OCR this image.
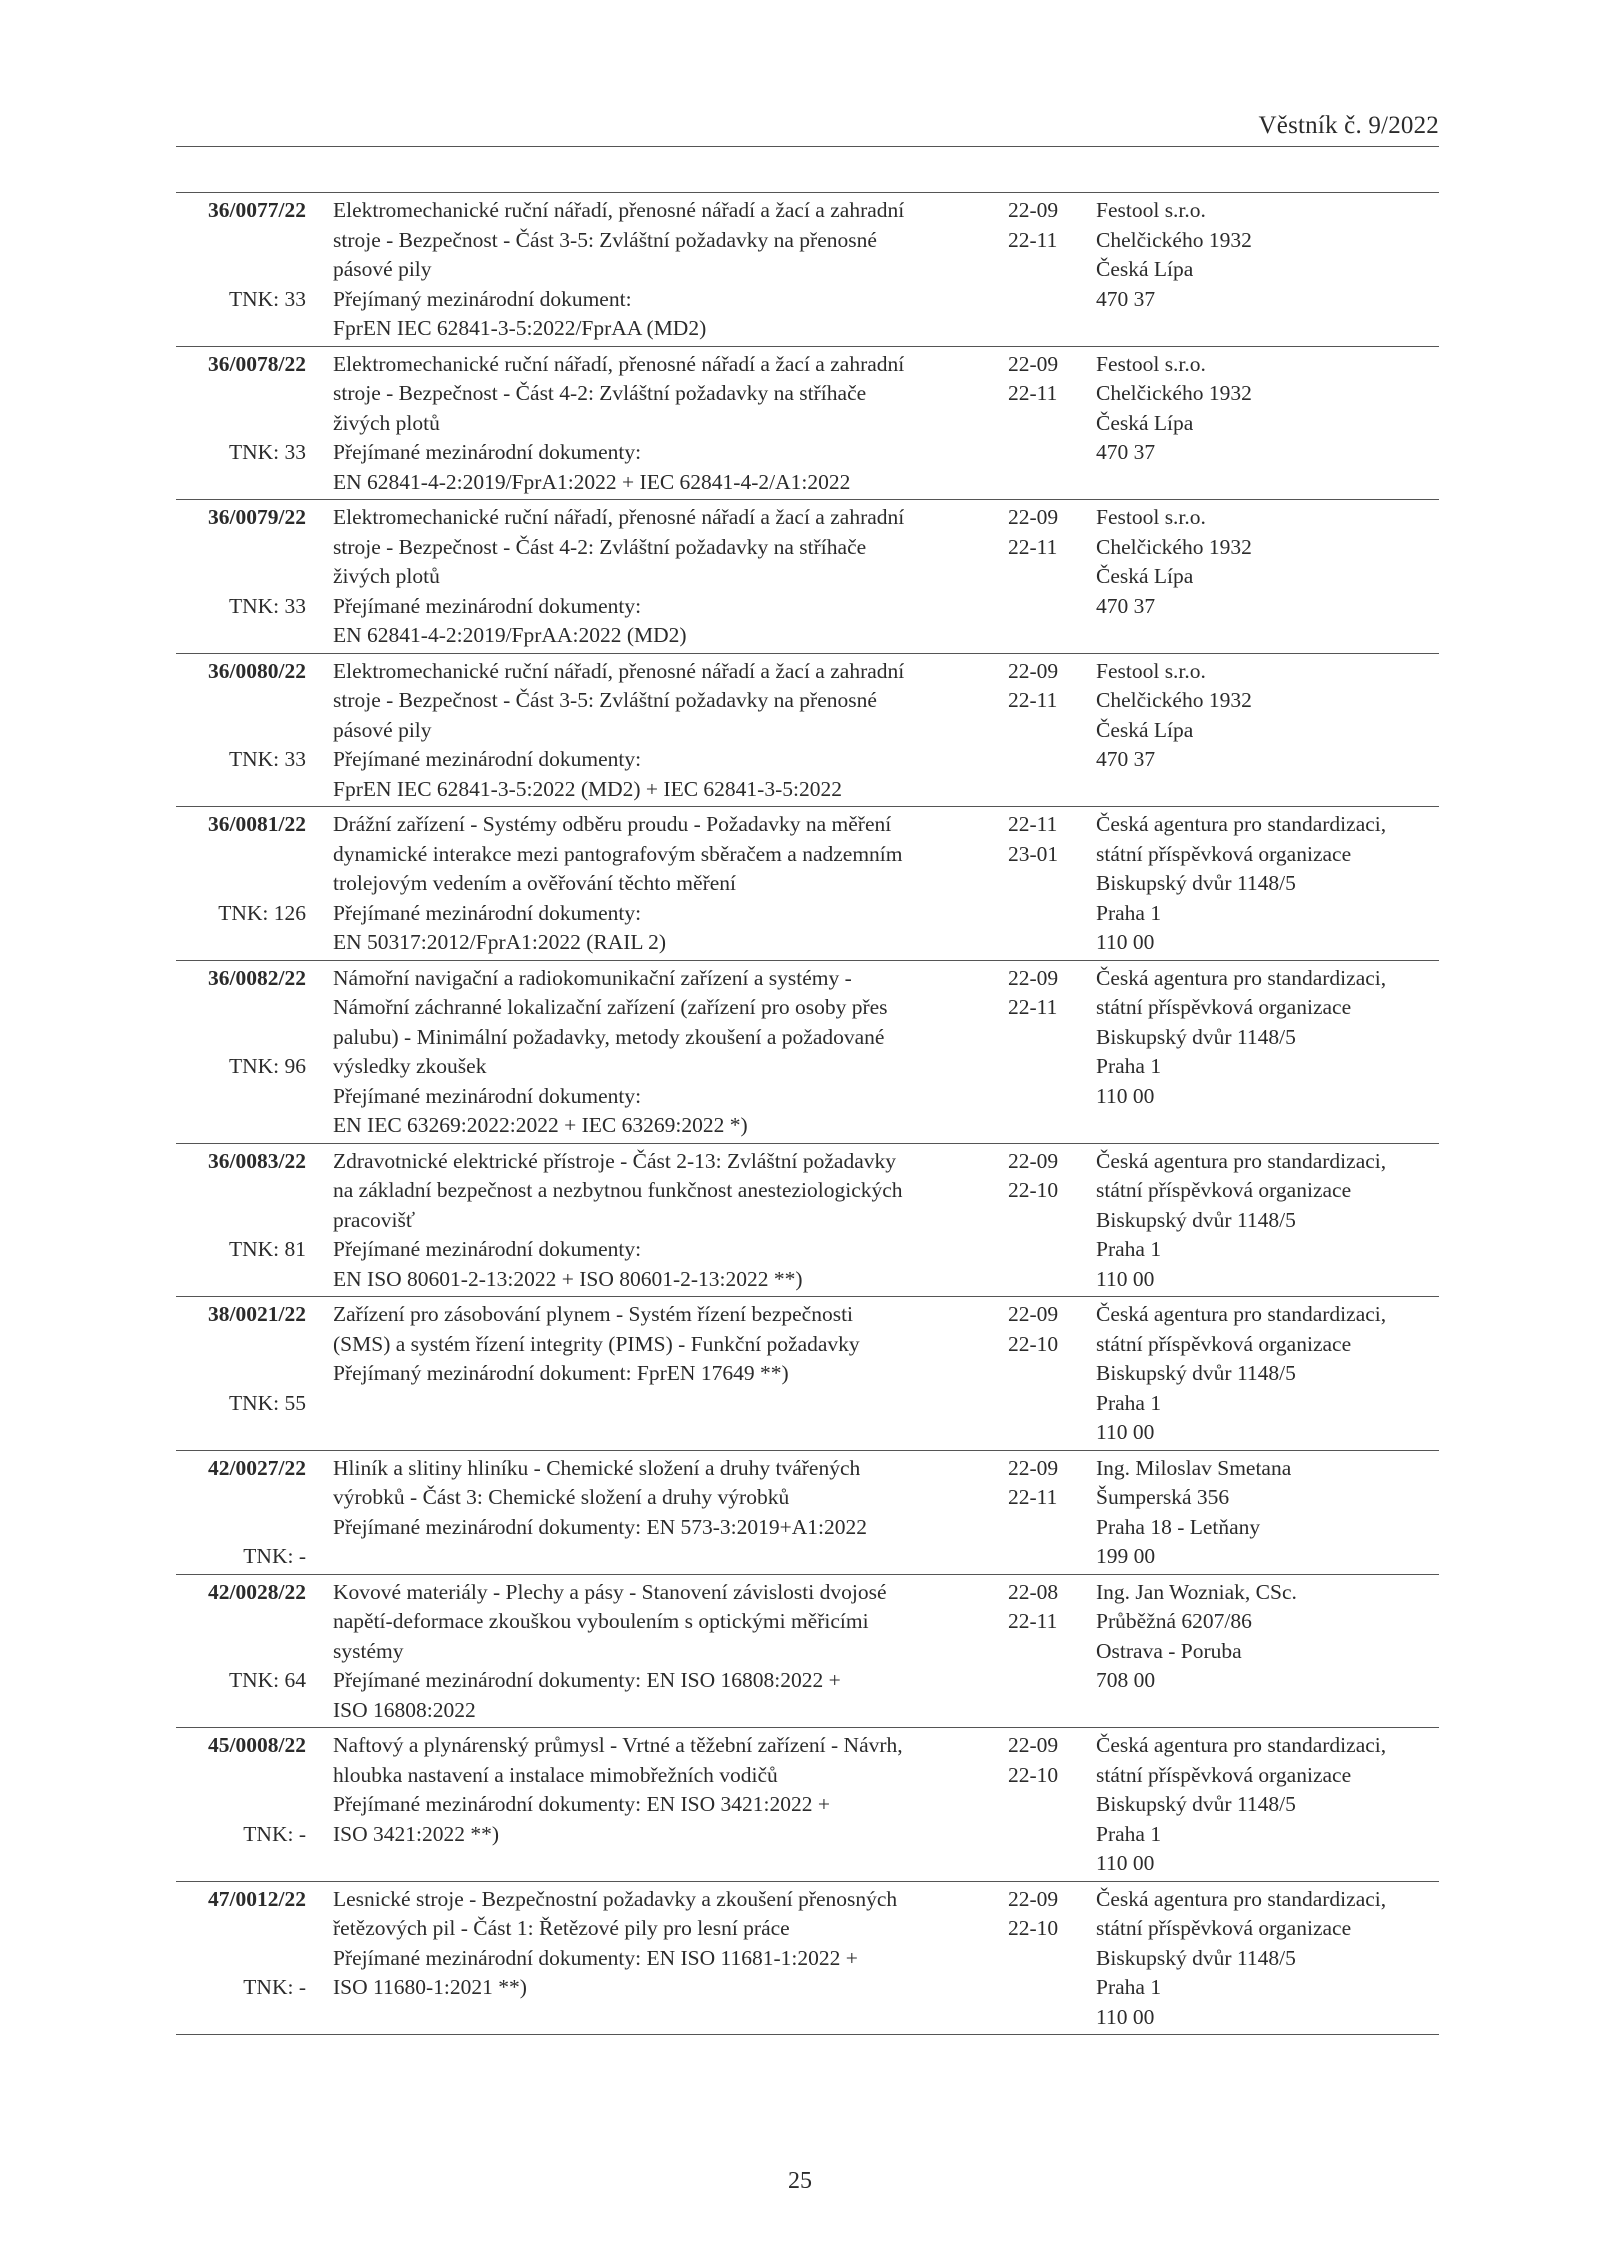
Věstník č. 9/2022
36/0077/22
TNK: 33
Elektromechanické ruční nářadí, přenosné nářadí a žací a zahradní
stroje - Bezpečnost - Část 3-5: Zvláštní požadavky na přenosné
pásové pily
Přejímaný mezinárodní dokument:
FprEN IEC 62841-3-5:2022/FprAA (MD2)
22-09
22-11
Festool s.r.o.
Chelčického 1932
Česká Lípa
470 37
36/0078/22
TNK: 33
Elektromechanické ruční nářadí, přenosné nářadí a žací a zahradní
stroje - Bezpečnost - Část 4-2: Zvláštní požadavky na stříhače
živých plotů
Přejímané mezinárodní dokumenty:
EN 62841-4-2:2019/FprA1:2022 + IEC 62841-4-2/A1:2022
22-09
22-11
Festool s.r.o.
Chelčického 1932
Česká Lípa
470 37
36/0079/22
TNK: 33
Elektromechanické ruční nářadí, přenosné nářadí a žací a zahradní
stroje - Bezpečnost - Část 4-2: Zvláštní požadavky na stříhače
živých plotů
Přejímané mezinárodní dokumenty:
EN 62841-4-2:2019/FprAA:2022 (MD2)
22-09
22-11
Festool s.r.o.
Chelčického 1932
Česká Lípa
470 37
36/0080/22
TNK: 33
Elektromechanické ruční nářadí, přenosné nářadí a žací a zahradní
stroje - Bezpečnost - Část 3-5: Zvláštní požadavky na přenosné
pásové pily
Přejímané mezinárodní dokumenty:
FprEN IEC 62841-3-5:2022 (MD2) + IEC 62841-3-5:2022
22-09
22-11
Festool s.r.o.
Chelčického 1932
Česká Lípa
470 37
36/0081/22
TNK: 126
Drážní zařízení - Systémy odběru proudu - Požadavky na měření
dynamické interakce mezi pantografovým sběračem a nadzemním
trolejovým vedením a ověřování těchto měření
Přejímané mezinárodní dokumenty:
EN 50317:2012/FprA1:2022 (RAIL 2)
22-11
23-01
Česká agentura pro standardizaci,
státní příspěvková organizace
Biskupský dvůr 1148/5
Praha 1
110 00
36/0082/22
TNK: 96
Námořní navigační a radiokomunikační zařízení a systémy -
Námořní záchranné lokalizační zařízení (zařízení pro osoby přes
palubu) - Minimální požadavky, metody zkoušení a požadované
výsledky zkoušek
Přejímané mezinárodní dokumenty:
EN IEC 63269:2022:2022 + IEC 63269:2022 *)
22-09
22-11
Česká agentura pro standardizaci,
státní příspěvková organizace
Biskupský dvůr 1148/5
Praha 1
110 00
36/0083/22
TNK: 81
Zdravotnické elektrické přístroje - Část 2-13: Zvláštní požadavky
na základní bezpečnost a nezbytnou funkčnost anesteziologických
pracovišť
Přejímané mezinárodní dokumenty:
EN ISO 80601-2-13:2022 + ISO 80601-2-13:2022 **)
22-09
22-10
Česká agentura pro standardizaci,
státní příspěvková organizace
Biskupský dvůr 1148/5
Praha 1
110 00
38/0021/22
TNK: 55
Zařízení pro zásobování plynem - Systém řízení bezpečnosti
(SMS) a systém řízení integrity (PIMS) - Funkční požadavky
Přejímaný mezinárodní dokument: FprEN 17649 **)
22-09
22-10
Česká agentura pro standardizaci,
státní příspěvková organizace
Biskupský dvůr 1148/5
Praha 1
110 00
42/0027/22
TNK: -
Hliník a slitiny hliníku - Chemické složení a druhy tvářených
výrobků - Část 3: Chemické složení a druhy výrobků
Přejímané mezinárodní dokumenty: EN 573-3:2019+A1:2022
22-09
22-11
Ing. Miloslav Smetana
Šumperská 356
Praha 18 - Letňany
199 00
42/0028/22
TNK: 64
Kovové materiály - Plechy a pásy - Stanovení závislosti dvojosé
napětí-deformace zkouškou vyboulením s optickými měřicími
systémy
Přejímané mezinárodní dokumenty: EN ISO 16808:2022 +
ISO 16808:2022
22-08
22-11
Ing. Jan Wozniak, CSc.
Průběžná 6207/86
Ostrava - Poruba
708 00
45/0008/22
TNK: -
Naftový a plynárenský průmysl - Vrtné a těžební zařízení - Návrh,
hloubka nastavení a instalace mimobřežních vodičů
Přejímané mezinárodní dokumenty: EN ISO 3421:2022 +
ISO 3421:2022 **)
22-09
22-10
Česká agentura pro standardizaci,
státní příspěvková organizace
Biskupský dvůr 1148/5
Praha 1
110 00
47/0012/22
TNK: -
Lesnické stroje - Bezpečnostní požadavky a zkoušení přenosných
řetězových pil - Část 1: Řetězové pily pro lesní práce
Přejímané mezinárodní dokumenty: EN ISO 11681-1:2022 +
ISO 11680-1:2021 **)
22-09
22-10
Česká agentura pro standardizaci,
státní příspěvková organizace
Biskupský dvůr 1148/5
Praha 1
110 00
25
